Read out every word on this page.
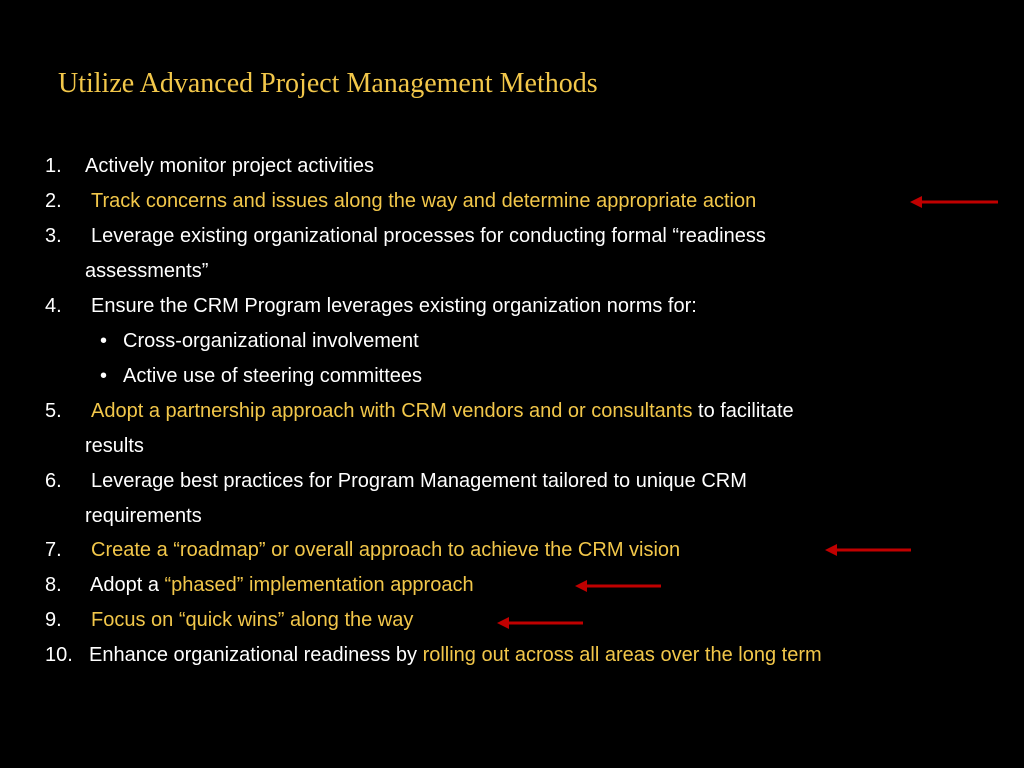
Utilize Advanced Project Management Methods
1. Actively monitor project activities
2. Track concerns and issues along the way and determine appropriate action
3. Leverage existing organizational processes for conducting formal “readiness
assessments”
4. Ensure the CRM Program leverages existing organization norms for:
• Cross-organizational involvement
• Active use of steering committees
5. Adopt a partnership approach with CRM vendors and or consultants to facilitate
results
6. Leverage best practices for Program Management tailored to unique CRM
requirements
7. Create a “roadmap” or overall approach to achieve the CRM vision
8. Adopt a “phased” implementation approach
9. Focus on “quick wins” along the way
10. Enhance organizational readiness by rolling out across all areas over the long term
